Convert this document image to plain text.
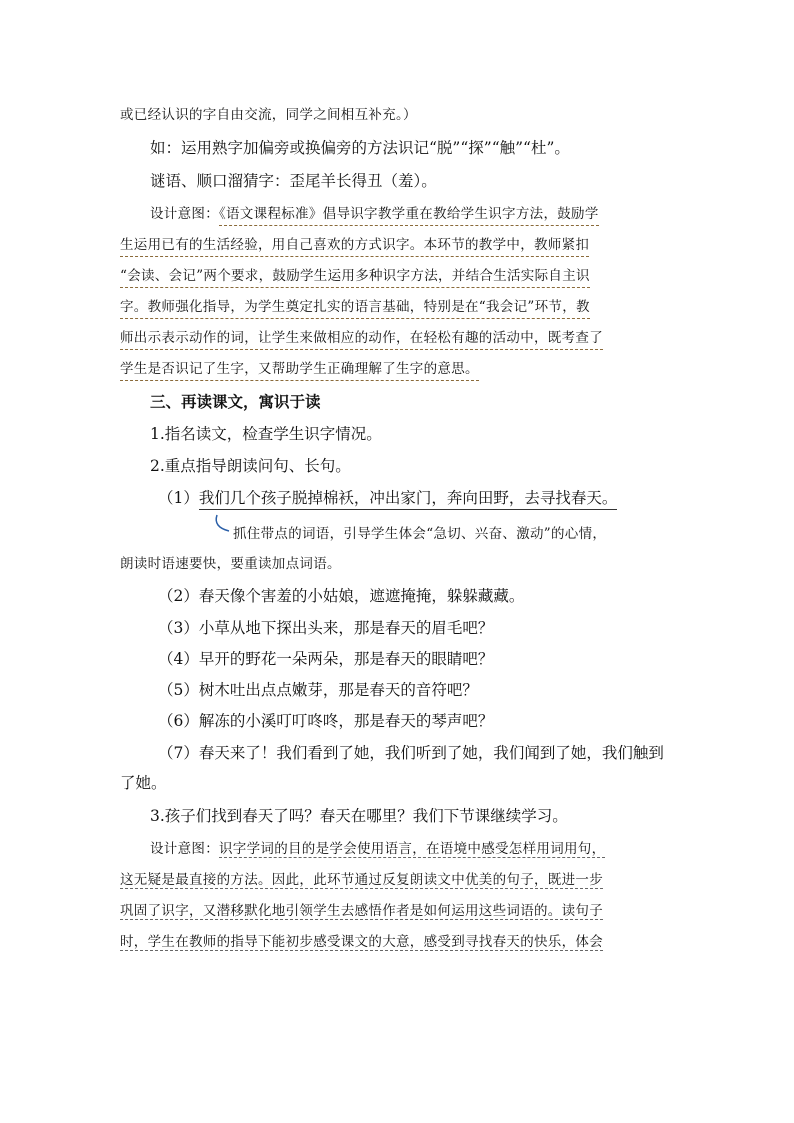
或已经认识的字自由交流，同学之间相互补充。）
如：运用熟字加偏旁或换偏旁的方法识记“脱”“探”“触”“杜”。
谜语、顺口溜猜字：歪尾羊长得丑（羞）。
设计意图：《语文课程标准》倡导识字教学重在教给学生识字方法，鼓励学
生运用已有的生活经验，用自己喜欢的方式识字。本环节的教学中，教师紧扣
“会读、会记”两个要求，鼓励学生运用多种识字方法，并结合生活实际自主识
字。教师强化指导，为学生奠定扎实的语言基础，特别是在“我会记”环节，教
师出示表示动作的词，让学生来做相应的动作，在轻松有趣的活动中，既考查了
学生是否识记了生字，又帮助学生正确理解了生字的意思。
三、再读课文，寓识于读
1.指名读文，检查学生识字情况。
2.重点指导朗读问句、长句。
（1）我们几个孩子脱掉棉袄，冲出家门，奔向田野，去寻找春天。
抓住带点的词语，引导学生体会“急切、兴奋、激动”的心情，
朗读时语速要快，要重读加点词语。
（2）春天像个害羞的小姑娘，遮遮掩掩，躲躲藏藏。
（3）小草从地下探出头来，那是春天的眉毛吧？
（4）早开的野花一朵两朵，那是春天的眼睛吧？
（5）树木吐出点点嫩芽，那是春天的音符吧？
（6）解冻的小溪叮叮咚咚，那是春天的琴声吧？
（7）春天来了！我们看到了她，我们听到了她，我们闻到了她，我们触到
了她。
3.孩子们找到春天了吗？春天在哪里？我们下节课继续学习。
设计意图：识字学词的目的是学会使用语言，在语境中感受怎样用词用句，
这无疑是最直接的方法。因此，此环节通过反复朗读文中优美的句子，既进一步
巩固了识字，又潜移默化地引领学生去感悟作者是如何运用这些词语的。读句子
时，学生在教师的指导下能初步感受课文的大意，感受到寻找春天的快乐，体会
